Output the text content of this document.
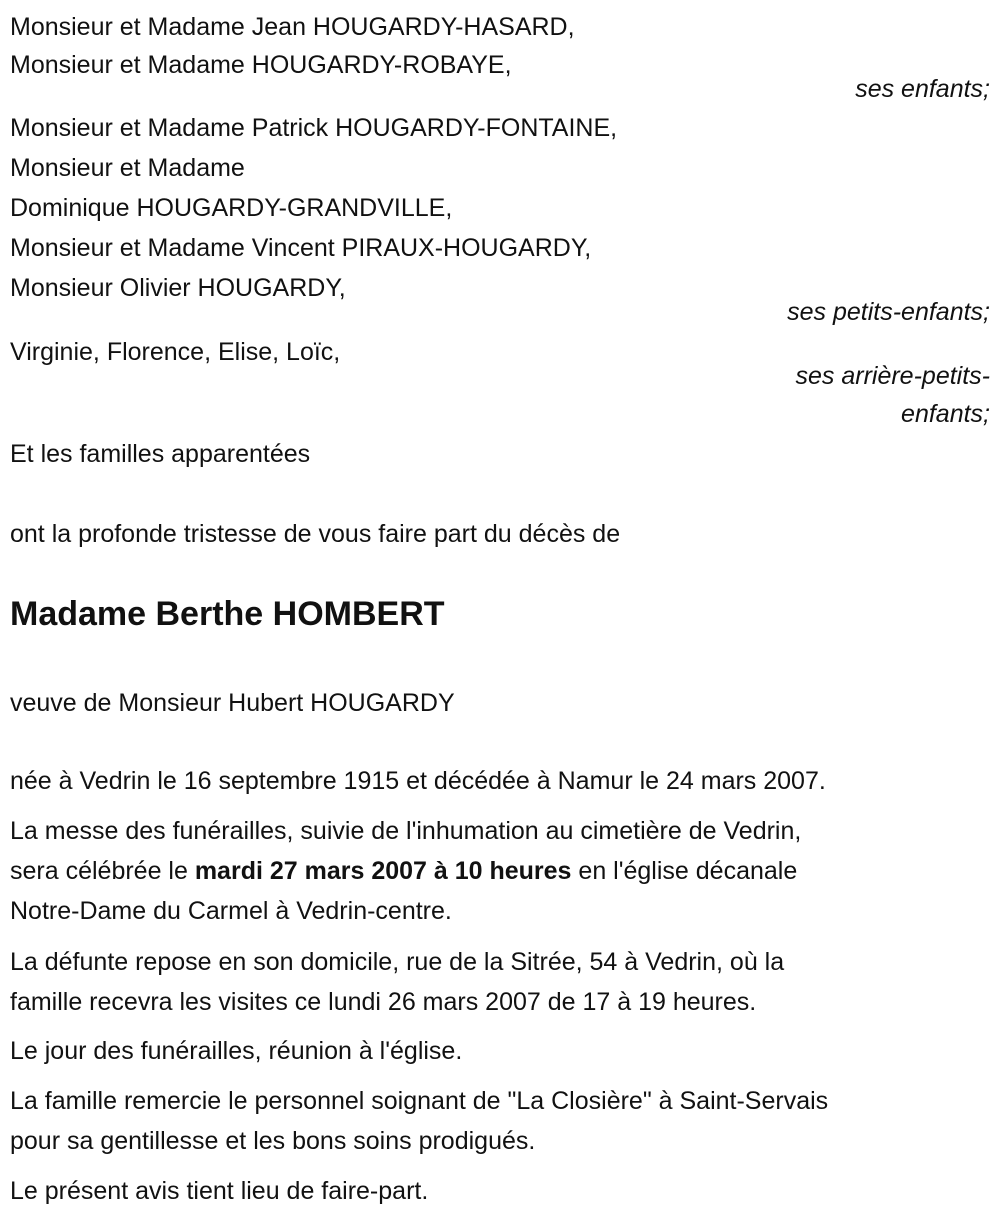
Monsieur et Madame Jean HOUGARDY-HASARD,
Monsieur et Madame HOUGARDY-ROBAYE,
ses enfants;
Monsieur et Madame Patrick HOUGARDY-FONTAINE,
Monsieur et Madame
Dominique HOUGARDY-GRANDVILLE,
Monsieur et Madame Vincent PIRAUX-HOUGARDY,
Monsieur Olivier HOUGARDY,
ses petits-enfants;
Virginie, Florence, Elise, Loïc,
ses arrière-petits-
enfants;
Et les familles apparentées
ont la profonde tristesse de vous faire part du décès de
Madame Berthe HOMBERT
veuve de Monsieur Hubert HOUGARDY
née à Vedrin le 16 septembre 1915 et décédée à Namur le 24 mars 2007.
La messe des funérailles, suivie de l'inhumation au cimetière de Vedrin,
sera célébrée le mardi 27 mars 2007 à 10 heures en l'église décanale
Notre-Dame du Carmel à Vedrin-centre.
La défunte repose en son domicile, rue de la Sitrée, 54 à Vedrin, où la
famille recevra les visites ce lundi 26 mars 2007 de 17 à 19 heures.
Le jour des funérailles, réunion à l'église.
La famille remercie le personnel soignant de "La Closière" à Saint-Servais
pour sa gentillesse et les bons soins prodigués.
Le présent avis tient lieu de faire-part.
